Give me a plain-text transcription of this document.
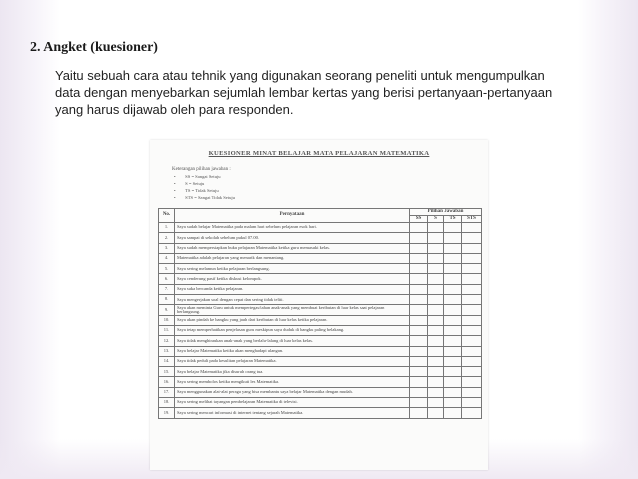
2. Angket (kuesioner)
Yaitu sebuah cara atau tehnik yang digunakan seorang peneliti untuk mengumpulkan
data dengan menyebarkan sejumlah lembar kertas yang berisi pertanyaan-pertanyaan
yang harus dijawab oleh para responden.
KUESIONER MINAT BELAJAR MATA PELAJARAN MATEMATIKA
Keterangan pilihan jawaban :
• SS = Sangat Setuju
• S = Setuju
• TS = Tidak Setuju
• STS = Sangat Tidak Setuju
No.	Pernyataan	Pilihan Jawaban			
		SS	S	TS	STS
1.	Saya sudah belajar Matematika pada malam hari sebelum pelajaran esok hari.				
2.	Saya sampai di sekolah sebelum pukul 07.00.				
3.	Saya sudah mempersiapkan buku pelajaran Matematika ketika guru memasuki kelas.				
4.	Matematika adalah pelajaran yang menarik dan menantang.				
5.	Saya sering melamun ketika pelajaran berlangsung.				
6.	Saya cenderung pasif ketika diskusi kelompok.				
7.	Saya suka bercanda ketika pelajaran.				
8.	Saya mengerjakan soal dengan cepat dan sering tidak teliti.				
9.	Saya akan meminta Guru untuk mempertegas/tahan anak-anak yang membuat keributan di luar kelas saat pelajaran berlangsung.				
10.	Saya akan pindah ke bangku yang jauh dari keributan di luar kelas ketika pelajaran.				
11.	Saya tetap memperhatikan penjelasan guru meskipun saya duduk di bangku paling belakang.				
12.	Saya tidak menghiraukan anak-anak yang berlalu-lalang di luar kelas kelas.				
13.	Saya belajar Matematika ketika akan menghadapi ulangan.				
14.	Saya tidak peduli pada kesulitan pelajaran Matematika.				
15.	Saya belajar Matematika jika disuruh orang tua.				
16.	Saya sering membolos ketika mengikuti les Matematika.				
17.	Saya menggunakan alat-alat peraga yang bisa membantu saya belajar Matematika dengan mudah.				
18.	Saya sering melihat tayangan pembelajaran Matematika di televisi.				
19.	Saya sering mencari informasi di internet tentang sejarah Matematika.				
